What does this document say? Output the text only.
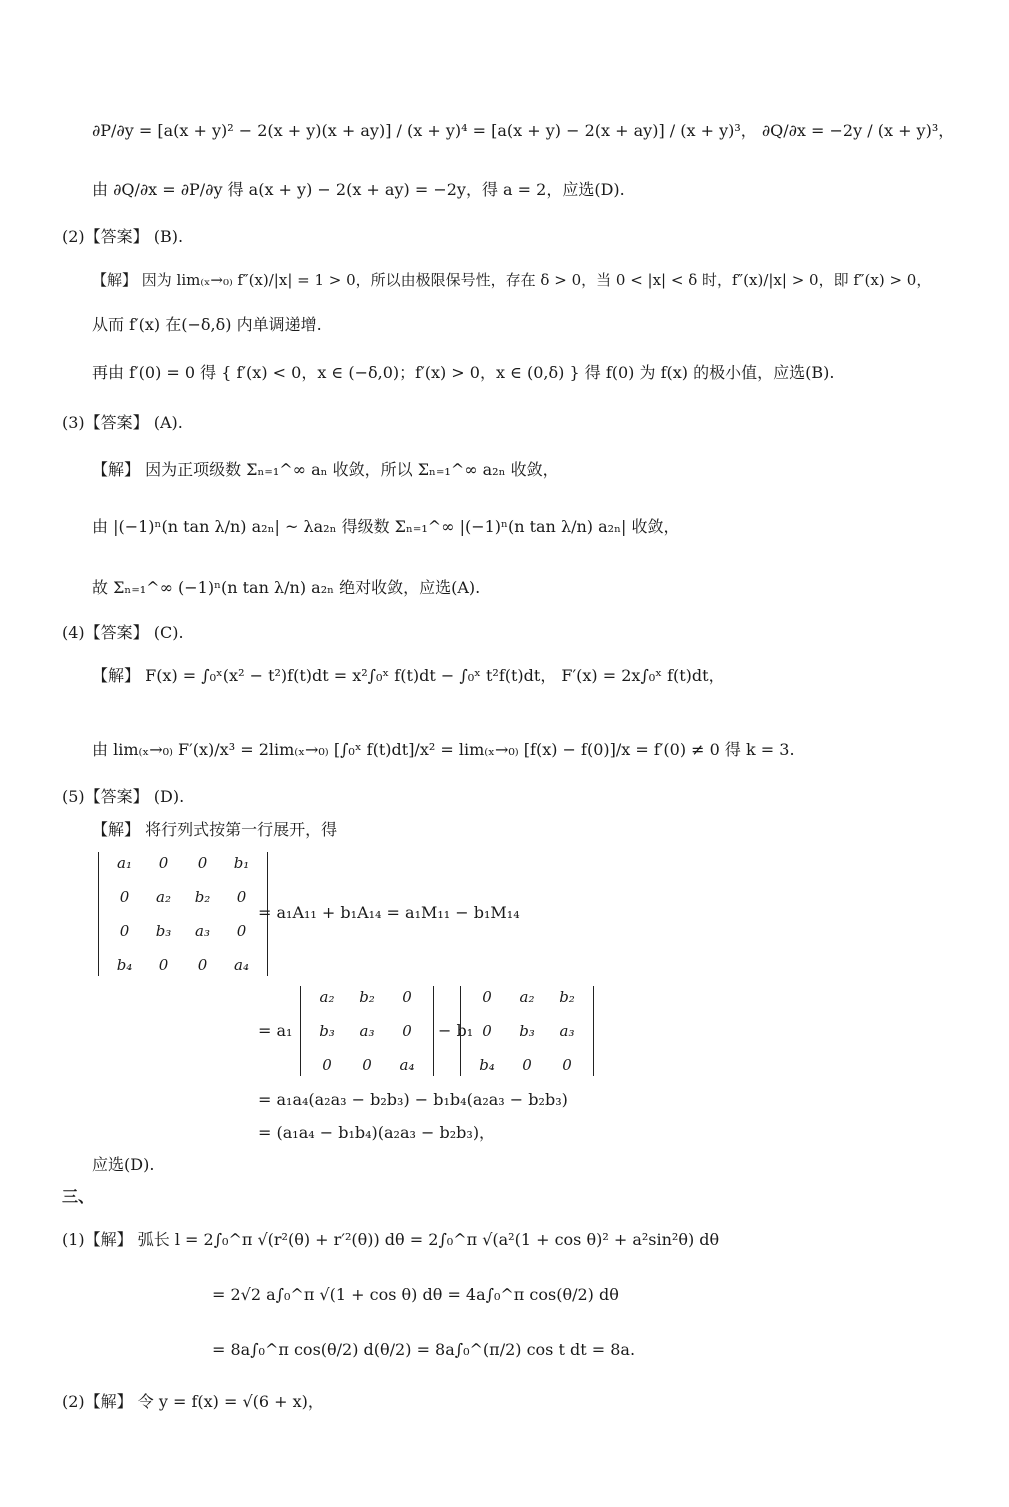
∂P/∂y = [a(x + y)² − 2(x + y)(x + ay)] / (x + y)⁴ = [a(x + y) − 2(x + ay)] / (x + y)³， ∂Q/∂x = −2y / (x + y)³，
由 ∂Q/∂x = ∂P/∂y 得 a(x + y) − 2(x + ay) = −2y，得 a = 2，应选(D).
(2)【答案】 (B).
【解】 因为 lim₍ₓ→₀₎ f″(x)/|x| = 1 > 0，所以由极限保号性，存在 δ > 0，当 0 < |x| < δ 时，f″(x)/|x| > 0，即 f″(x) > 0，
从而 f′(x) 在(−δ,δ) 内单调递增.
再由 f′(0) = 0 得 { f′(x) < 0，x ∈ (−δ,0)；f′(x) > 0，x ∈ (0,δ) } 得 f(0) 为 f(x) 的极小值，应选(B).
(3)【答案】 (A).
【解】 因为正项级数 Σₙ₌₁^∞ aₙ 收敛，所以 Σₙ₌₁^∞ a₂ₙ 收敛，
由 |(−1)ⁿ(n tan λ/n) a₂ₙ| ~ λa₂ₙ 得级数 Σₙ₌₁^∞ |(−1)ⁿ(n tan λ/n) a₂ₙ| 收敛，
故 Σₙ₌₁^∞ (−1)ⁿ(n tan λ/n) a₂ₙ 绝对收敛，应选(A).
(4)【答案】 (C).
【解】 F(x) = ∫₀ˣ(x² − t²)f(t)dt = x²∫₀ˣ f(t)dt − ∫₀ˣ t²f(t)dt， F′(x) = 2x∫₀ˣ f(t)dt，
由 lim₍ₓ→₀₎ F′(x)/x³ = 2lim₍ₓ→₀₎ [∫₀ˣ f(t)dt]/x² = lim₍ₓ→₀₎ [f(x) − f(0)]/x = f′(0) ≠ 0 得 k = 3.
(5)【答案】 (D).
【解】 将行列式按第一行展开，得
a₁	0	0	b₁
0	a₂	b₂	0
0	b₃	a₃	0
b₄	0	0	a₄
= a₁A₁₁ + b₁A₁₄ = a₁M₁₁ − b₁M₁₄
= a₁
a₂	b₂	0
b₃	a₃	0
0	0	a₄
− b₁
0	a₂	b₂
0	b₃	a₃
b₄	0	0
= a₁a₄(a₂a₃ − b₂b₃) − b₁b₄(a₂a₃ − b₂b₃)
= (a₁a₄ − b₁b₄)(a₂a₃ − b₂b₃)，
应选(D).
三、
(1)【解】 弧长 l = 2∫₀^π √(r²(θ) + r′²(θ)) dθ = 2∫₀^π √(a²(1 + cos θ)² + a²sin²θ) dθ
= 2√2 a∫₀^π √(1 + cos θ) dθ = 4a∫₀^π cos(θ/2) dθ
= 8a∫₀^π cos(θ/2) d(θ/2) = 8a∫₀^(π/2) cos t dt = 8a.
(2)【解】 令 y = f(x) = √(6 + x)，
